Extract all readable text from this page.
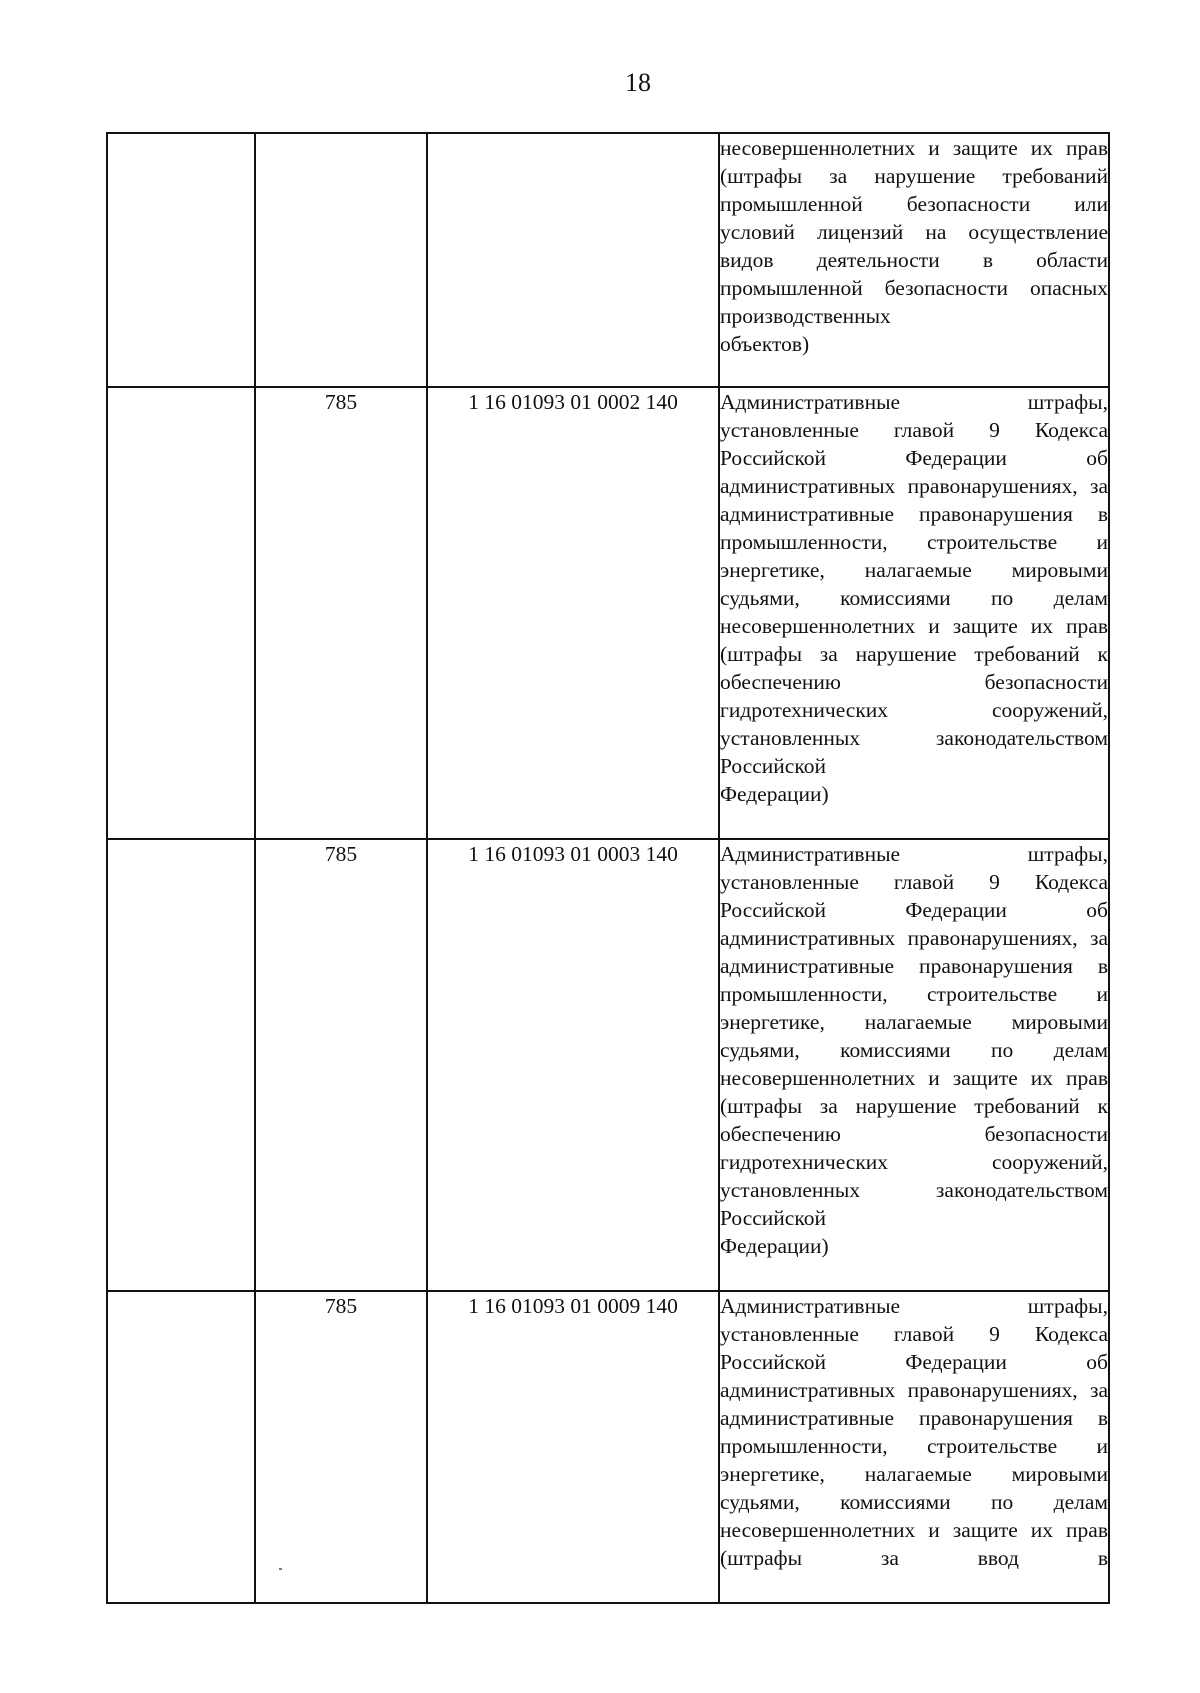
18

			несовершеннолетних и защите их прав (штрафы за нарушение требований промышленной безопасности или условий лицензий на осуществление видов деятельности в области промышленной безопасности опасных производственных
объектов)

	785	1 16 01093 01 0002 140	Административные штрафы, установленные главой 9 Кодекса Российской Федерации об административных правонарушениях, за административные правонарушения в промышленности, строительстве и энергетике, налагаемые мировыми судьями, комиссиями по делам несовершеннолетних и защите их прав (штрафы за нарушение требований к обеспечению безопасности гидротехнических сооружений, установленных законодательством Российской
Федерации)

	785	1 16 01093 01 0003 140	Административные штрафы, установленные главой 9 Кодекса Российской Федерации об административных правонарушениях, за административные правонарушения в промышленности, строительстве и энергетике, налагаемые мировыми судьями, комиссиями по делам несовершеннолетних и защите их прав (штрафы за нарушение требований к обеспечению безопасности гидротехнических сооружений, установленных законодательством Российской
Федерации)

	785	1 16 01093 01 0009 140	Административные штрафы, установленные главой 9 Кодекса Российской Федерации об административных правонарушениях, за административные правонарушения в промышленности, строительстве и энергетике, налагаемые мировыми судьями, комиссиями по делам несовершеннолетних и защите их прав (штрафы за ввод в
